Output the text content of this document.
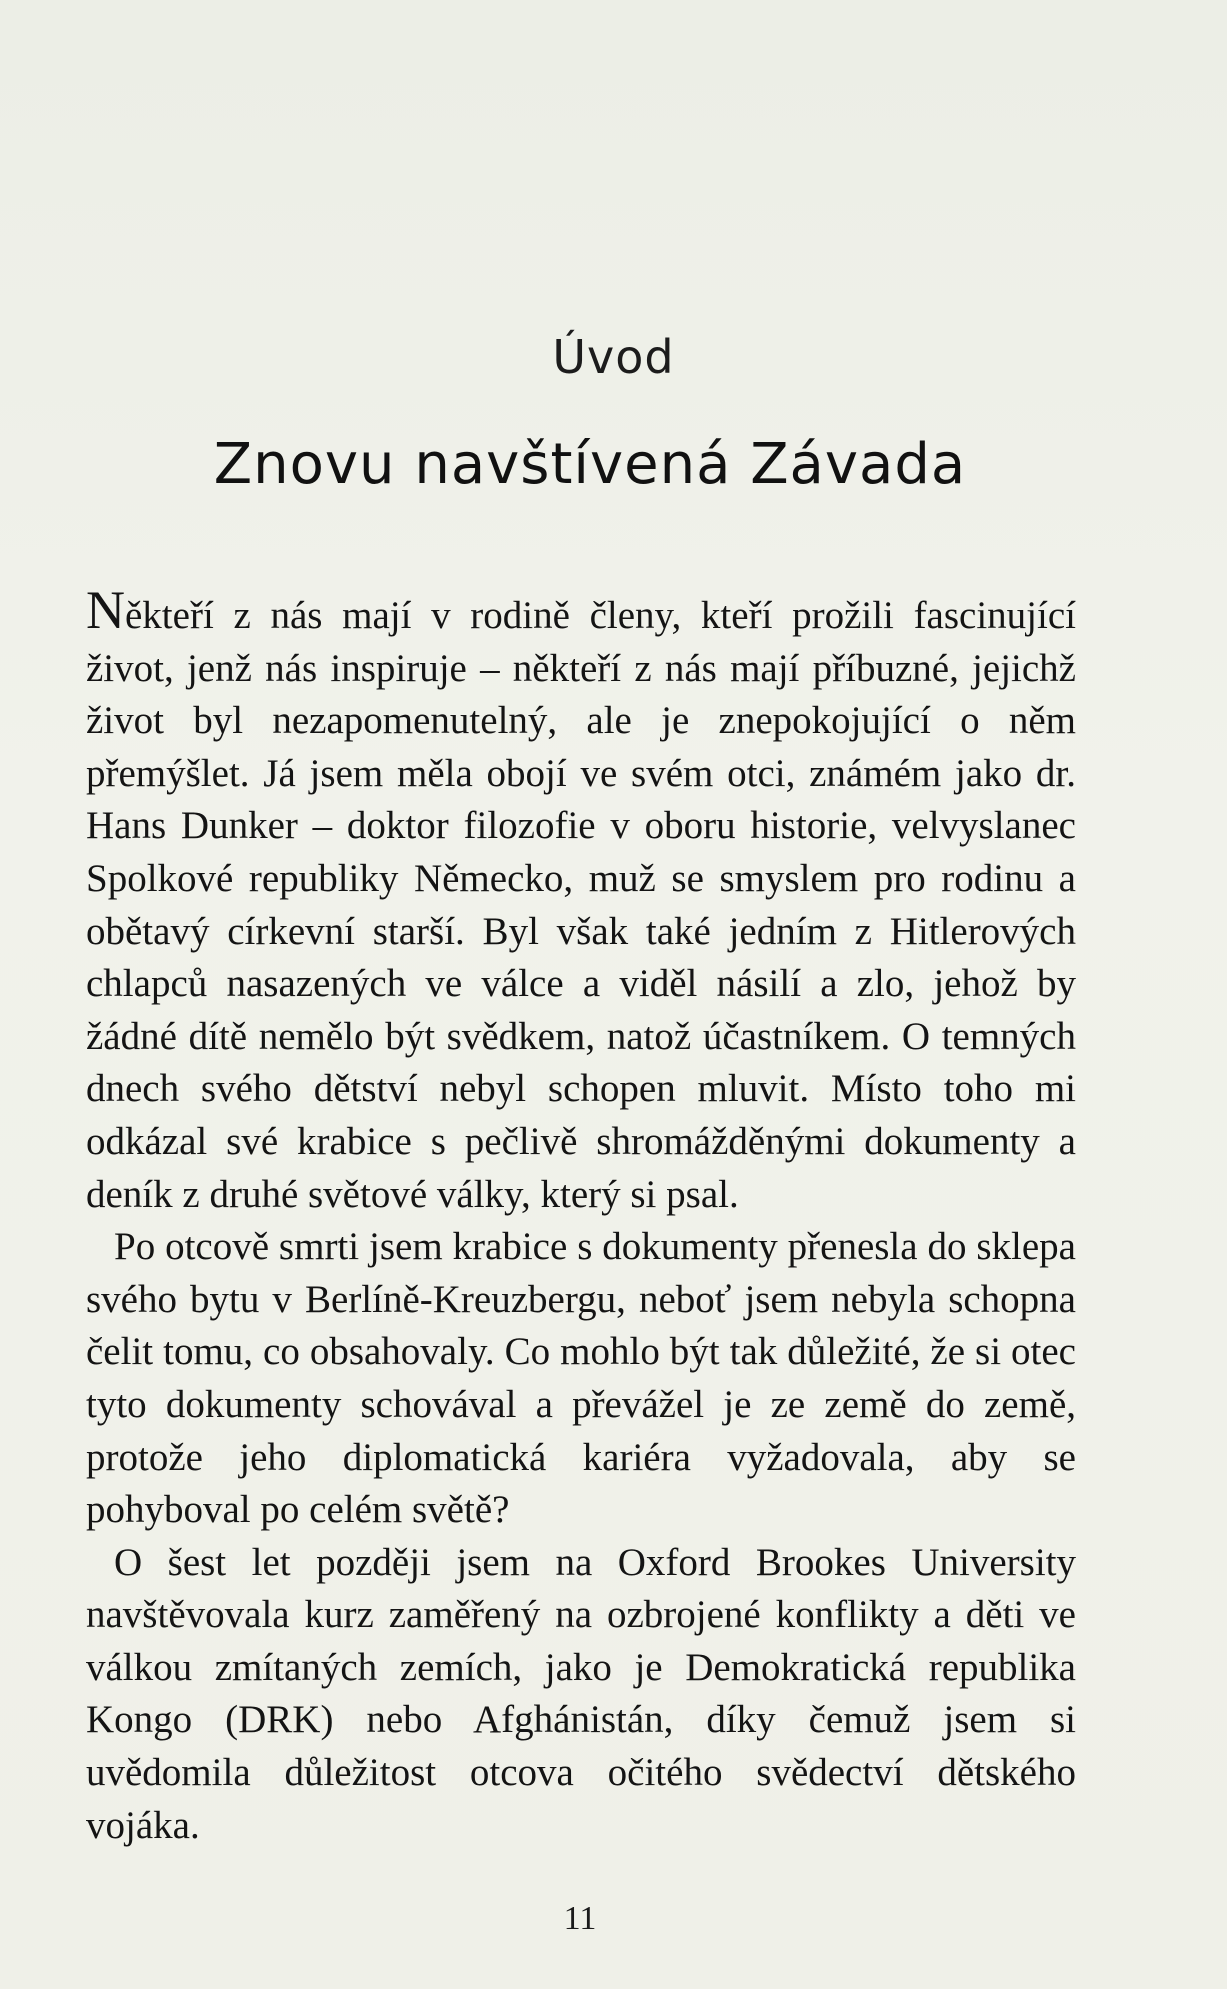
Úvod
Znovu navštívená Závada

Někteří z nás mají v rodině členy, kteří prožili fascinující život, jenž nás inspiruje – někteří z nás mají příbuzné, jejichž život byl nezapomenutelný, ale je znepokojující o něm přemýšlet. Já jsem měla obojí ve svém otci, známém jako dr. Hans Dunker – doktor filozofie v oboru historie, velvyslanec Spolkové republiky Německo, muž se smyslem pro rodinu a obětavý církevní starší. Byl však také jedním z Hitlerových chlapců nasazených ve válce a viděl násilí a zlo, jehož by žádné dítě nemělo být svědkem, natož účastníkem. O temných dnech svého dětství nebyl schopen mluvit. Místo toho mi odkázal své krabice s pečlivě shromážděnými dokumenty a deník z druhé světové války, který si psal.

Po otcově smrti jsem krabice s dokumenty přenesla do sklepa svého bytu v Berlíně-Kreuzbergu, neboť jsem nebyla schopna čelit tomu, co obsahovaly. Co mohlo být tak důležité, že si otec tyto dokumenty schovával a převážel je ze země do země, protože jeho diplomatická kariéra vyžadovala, aby se pohyboval po celém světě?

O šest let později jsem na Oxford Brookes University navštěvovala kurz zaměřený na ozbrojené konflikty a děti ve válkou zmítaných zemích, jako je Demokratická republika Kongo (DRK) nebo Afghánistán, díky čemuž jsem si uvědomila důležitost otcova očitého svědectví dětského vojáka.

11
